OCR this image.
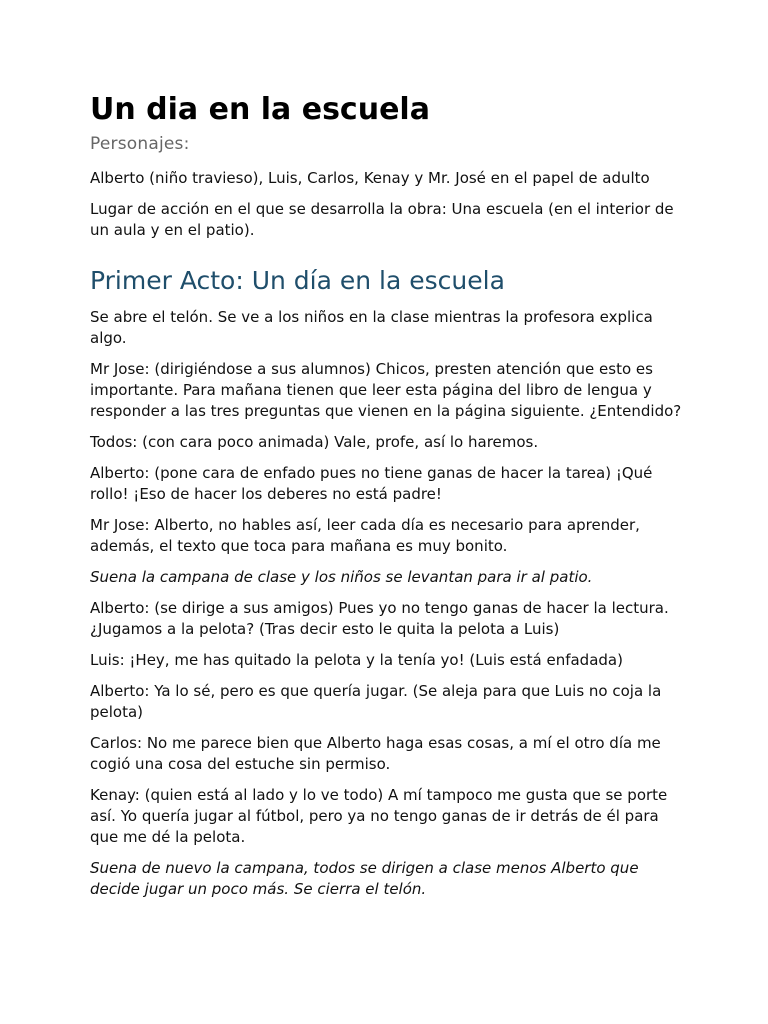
Un dia en la escuela
Personajes:

Alberto (niño travieso), Luis, Carlos, Kenay y Mr. José en el papel de adulto

Lugar de acción en el que se desarrolla la obra: Una escuela (en el interior de un aula y en el patio).

Primer Acto: Un día en la escuela

Se abre el telón. Se ve a los niños en la clase mientras la profesora explica algo.

Mr Jose: (dirigiéndose a sus alumnos) Chicos, presten atención que esto es importante. Para mañana tienen que leer esta página del libro de lengua y responder a las tres preguntas que vienen en la página siguiente. ¿Entendido?

Todos: (con cara poco animada) Vale, profe, así lo haremos.

Alberto: (pone cara de enfado pues no tiene ganas de hacer la tarea) ¡Qué rollo! ¡Eso de hacer los deberes no está padre!

Mr Jose: Alberto, no hables así, leer cada día es necesario para aprender, además, el texto que toca para mañana es muy bonito.

Suena la campana de clase y los niños se levantan para ir al patio.

Alberto: (se dirige a sus amigos) Pues yo no tengo ganas de hacer la lectura. ¿Jugamos a la pelota? (Tras decir esto le quita la pelota a Luis)

Luis: ¡Hey, me has quitado la pelota y la tenía yo! (Luis está enfadada)

Alberto: Ya lo sé, pero es que quería jugar. (Se aleja para que Luis no coja la pelota)

Carlos: No me parece bien que Alberto haga esas cosas, a mí el otro día me cogió una cosa del estuche sin permiso.

Kenay: (quien está al lado y lo ve todo) A mí tampoco me gusta que se porte así. Yo quería jugar al fútbol, pero ya no tengo ganas de ir detrás de él para que me dé la pelota.

Suena de nuevo la campana, todos se dirigen a clase menos Alberto que decide jugar un poco más. Se cierra el telón.
